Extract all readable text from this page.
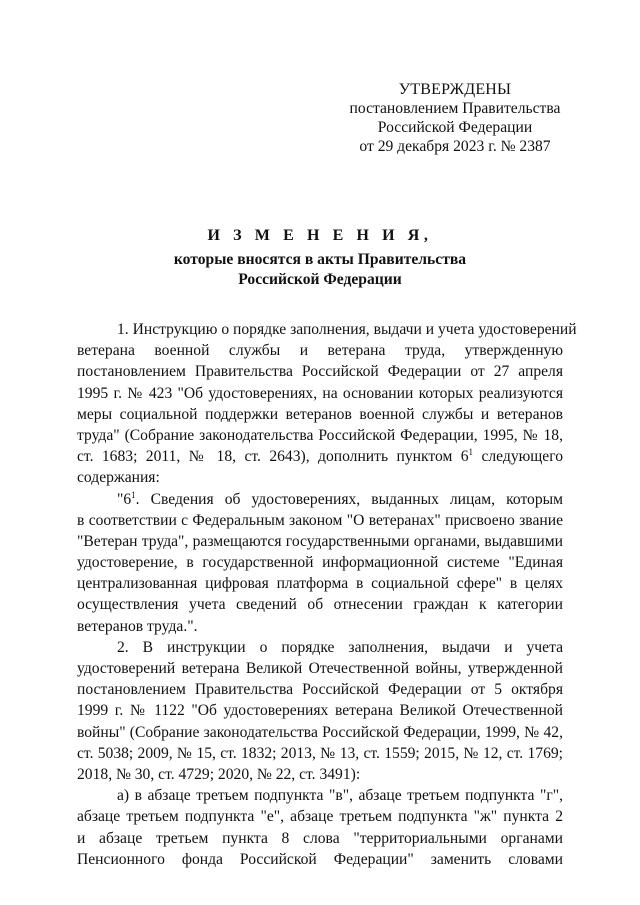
УТВЕРЖДЕНЫ
постановлением Правительства
Российской Федерации
от 29 декабря 2023 г. № 2387
И З М Е Н Е Н И Я,
которые вносятся в акты Правительства
Российской Федерации
1. Инструкцию о порядке заполнения, выдачи и учета удостоверений
ветерана военной службы и ветерана труда, утвержденную
постановлением Правительства Российской Федерации от 27 апреля
1995 г. № 423 "Об удостоверениях, на основании которых реализуются
меры социальной поддержки ветеранов военной службы и ветеранов
труда" (Собрание законодательства Российской Федерации, 1995, № 18,
ст. 1683; 2011, № 18, ст. 2643), дополнить пунктом $6^1$ следующего
содержания:
"$6^1$. Сведения об удостоверениях, выданных лицам, которым
в соответствии с Федеральным законом "О ветеранах" присвоено звание
"Ветеран труда", размещаются государственными органами, выдавшими
удостоверение, в государственной информационной системе "Единая
централизованная цифровая платформа в социальной сфере" в целях
осуществления учета сведений об отнесении граждан к категории
ветеранов труда.".
2. В инструкции о порядке заполнения, выдачи и учета
удостоверений ветерана Великой Отечественной войны, утвержденной
постановлением Правительства Российской Федерации от 5 октября
1999 г. № 1122 "Об удостоверениях ветерана Великой Отечественной
войны" (Собрание законодательства Российской Федерации, 1999, № 42,
ст. 5038; 2009, № 15, ст. 1832; 2013, № 13, ст. 1559; 2015, № 12, ст. 1769;
2018, № 30, ст. 4729; 2020, № 22, ст. 3491):
а) в абзаце третьем подпункта "в", абзаце третьем подпункта "г",
абзаце третьем подпункта "е", абзаце третьем подпункта "ж" пункта 2
и абзаце третьем пункта 8 слова "территориальными органами
Пенсионного фонда Российской Федерации" заменить словами
